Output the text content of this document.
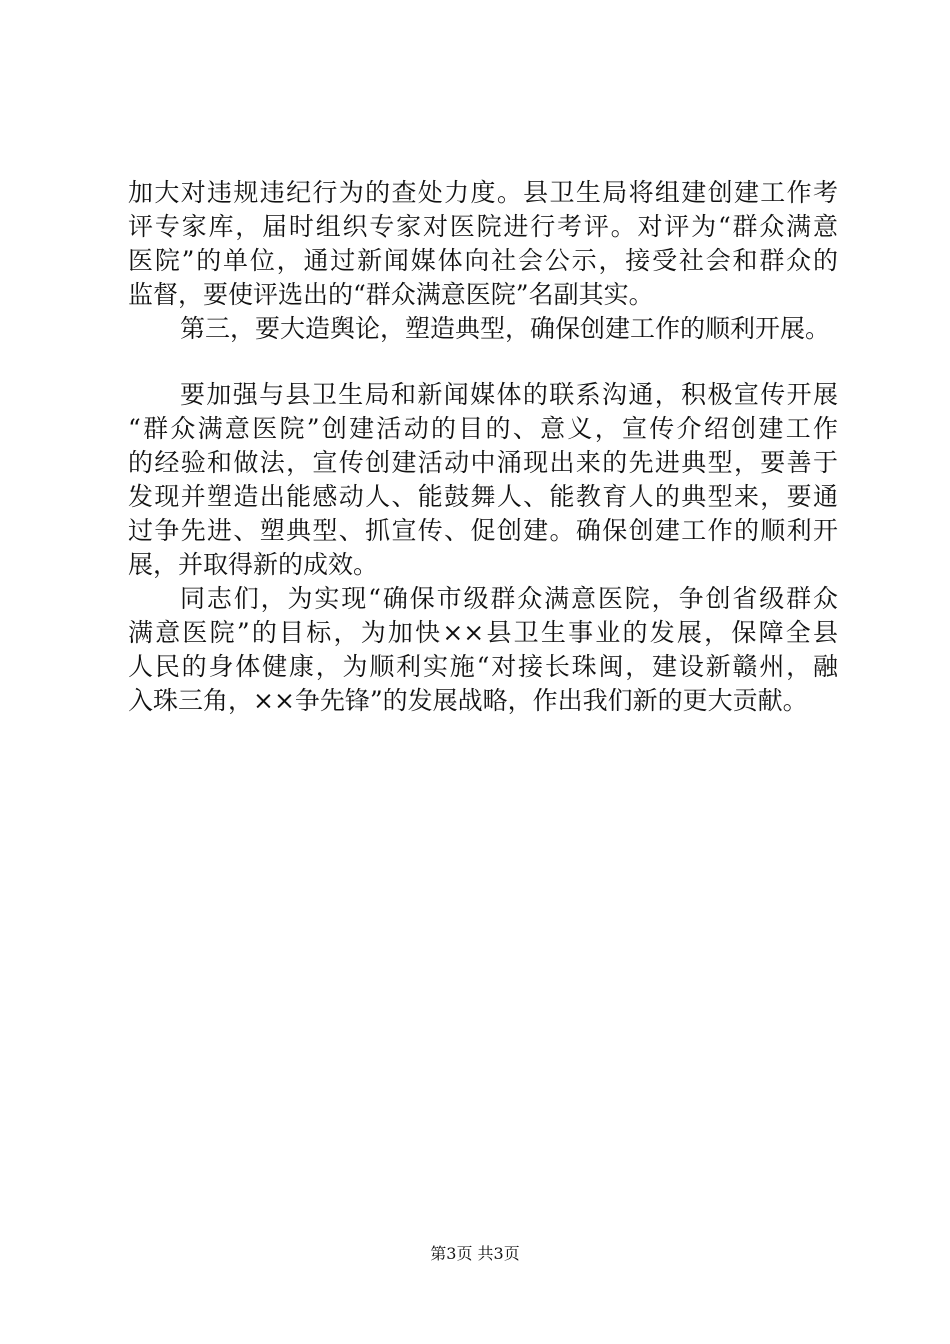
加大对违规违纪行为的查处力度。县卫生局将组建创建工作考
评专家库，届时组织专家对医院进行考评。对评为“群众满意
医院”的单位，通过新闻媒体向社会公示，接受社会和群众的
监督，要使评选出的“群众满意医院”名副其实。
第三，要大造舆论，塑造典型，确保创建工作的顺利开展。
要加强与县卫生局和新闻媒体的联系沟通，积极宣传开展
“群众满意医院”创建活动的目的、意义，宣传介绍创建工作
的经验和做法，宣传创建活动中涌现出来的先进典型，要善于
发现并塑造出能感动人、能鼓舞人、能教育人的典型来，要通
过争先进、塑典型、抓宣传、促创建。确保创建工作的顺利开
展，并取得新的成效。
同志们，为实现“确保市级群众满意医院，争创省级群众
满意医院”的目标，为加快××县卫生事业的发展，保障全县
人民的身体健康，为顺利实施“对接长珠闽，建设新赣州，融
入珠三角，××争先锋”的发展战略，作出我们新的更大贡献。
第3页 共3页
